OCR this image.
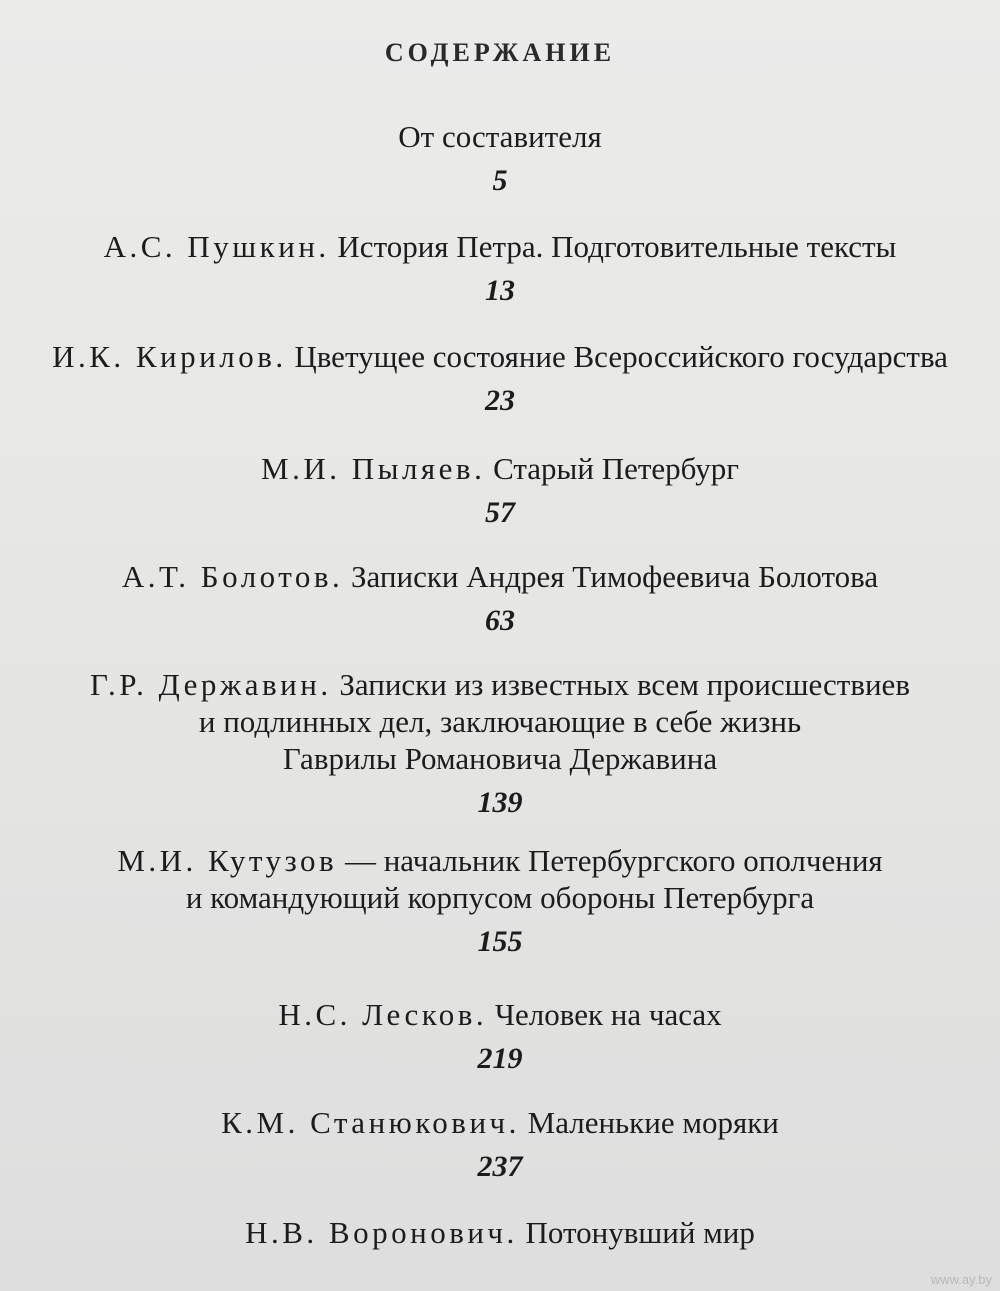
СОДЕРЖАНИЕ
От составителя
5
А.С. Пушкин. История Петра. Подготовительные тексты
13
И.К. Кирилов. Цветущее состояние Всероссийского государства
23
М.И. Пыляев. Старый Петербург
57
А.Т. Болотов. Записки Андрея Тимофеевича Болотова
63
Г.Р. Державин. Записки из известных всем происшествиев
и подлинных дел, заключающие в себе жизнь
Гаврилы Романовича Державина
139
М.И. Кутузов — начальник Петербургского ополчения
и командующий корпусом обороны Петербурга
155
Н.С. Лесков. Человек на часах
219
К.М. Станюкович. Маленькие моряки
237
Н.В. Воронович. Потонувший мир
www.ay.by
